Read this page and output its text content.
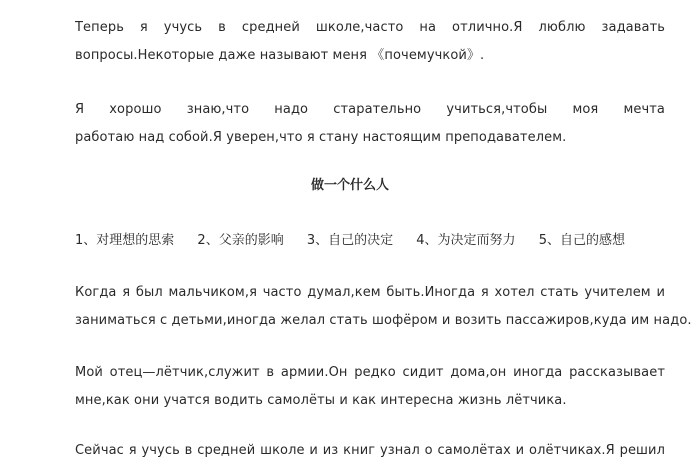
Теперь я учусь в средней школе,часто на отлично.Я люблю задавать
вопросы.Некоторые даже называют меня 《почемучкой》.
Я хорошо знаю,что надо старательно учиться,чтобы моя мечта
работаю над собой.Я уверен,что я стану настоящим преподавателем.
做一个什么人
1、对理想的思索 2、父亲的影响 3、自己的决定 4、为决定而努力 5、自己的感想
Когда я был мальчиком,я часто думал,кем быть.Иногда я хотел стать учителем и
заниматься с детьми,иногда желал стать шофёром и возить пассажиров,куда им надо.
Мой отец—лётчик,служит в армии.Он редко сидит дома,он иногда рассказывает
мне,как они учатся водить самолёты и как интересна жизнь лётчика.
Сейчас я учусь в средней школе и из книг узнал о самолётах и олётчиках.Я решил
